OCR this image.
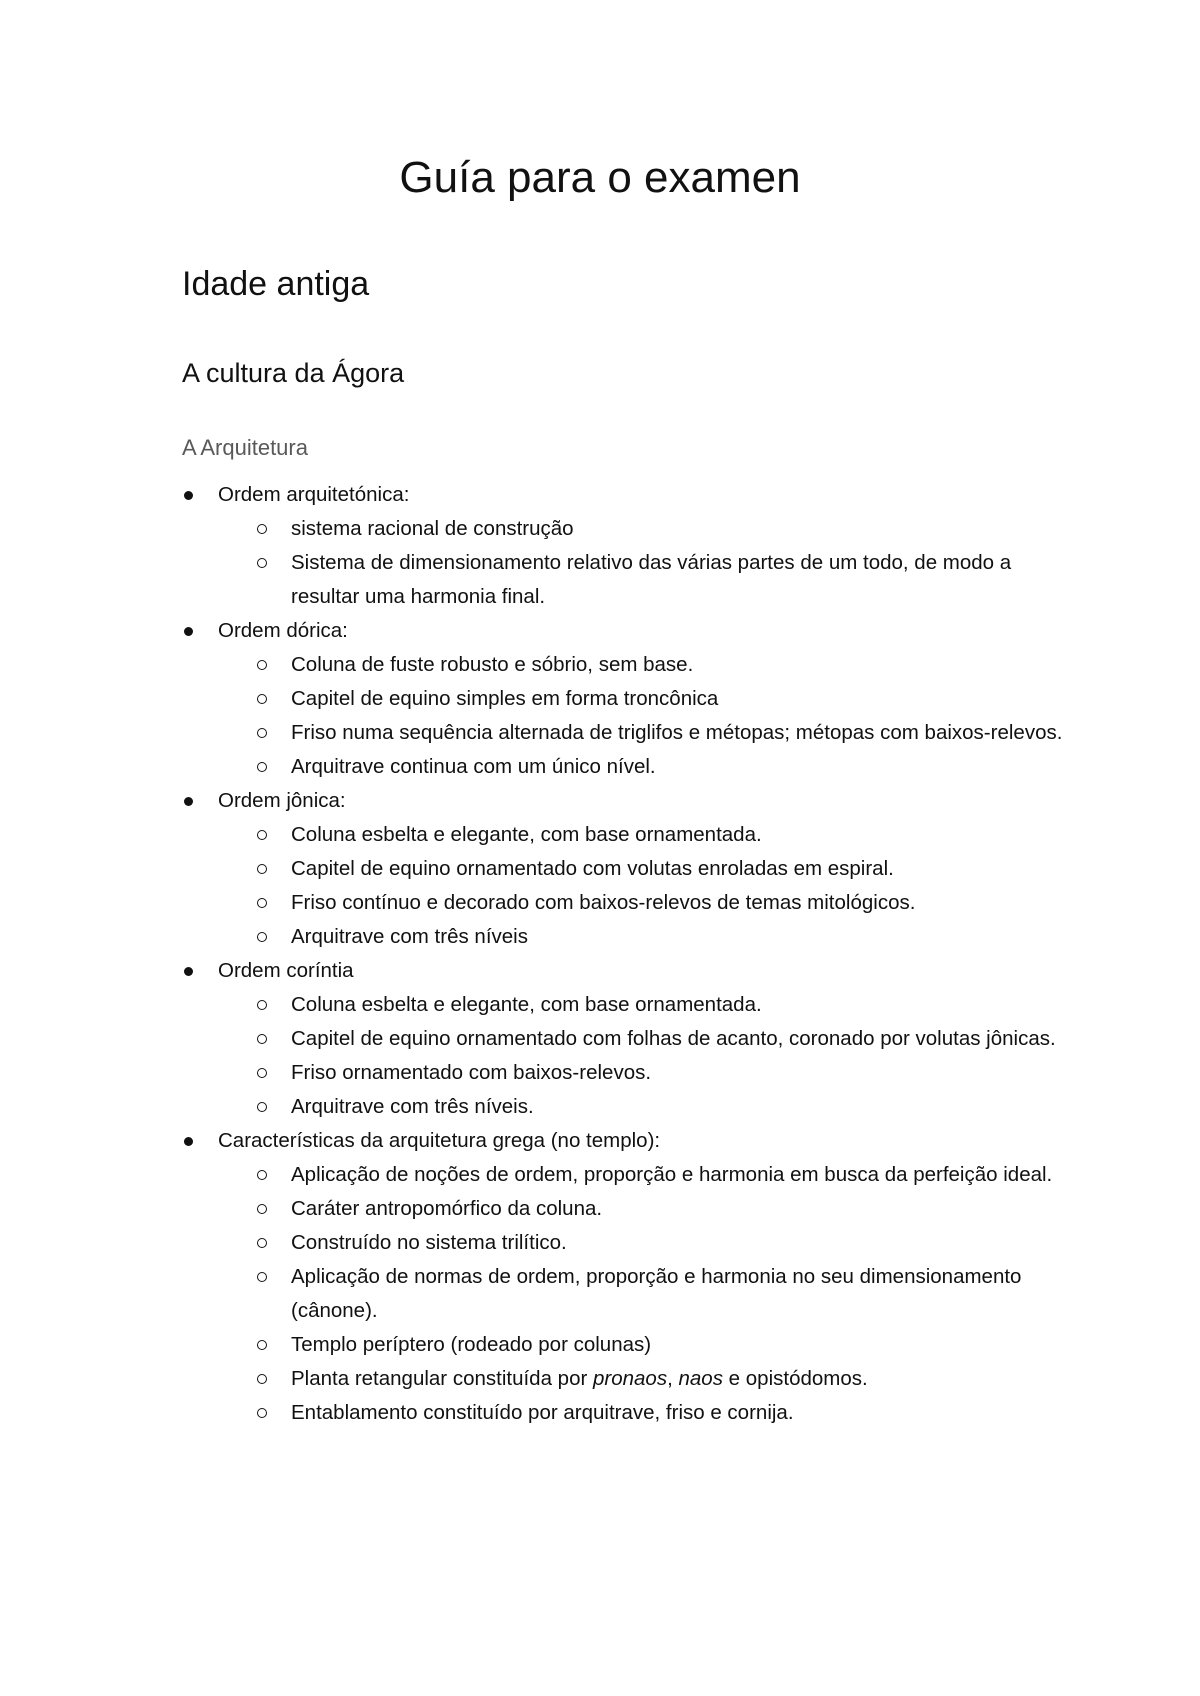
Guía para o examen
Idade antiga
A cultura da Ágora
A Arquitetura
Ordem arquitetónica:
sistema racional de construção
Sistema de dimensionamento relativo das várias partes de um todo, de modo a resultar uma harmonia final.
Ordem dórica:
Coluna de fuste robusto e sóbrio, sem base.
Capitel de equino simples em forma troncônica
Friso numa sequência alternada de triglifos e métopas; métopas com baixos-relevos.
Arquitrave continua com um único nível.
Ordem jônica:
Coluna esbelta e elegante, com base ornamentada.
Capitel de equino ornamentado com volutas enroladas em espiral.
Friso contínuo e decorado com baixos-relevos de temas mitológicos.
Arquitrave com três níveis
Ordem coríntia
Coluna esbelta e elegante, com base ornamentada.
Capitel de equino ornamentado com folhas de acanto, coronado por volutas jônicas.
Friso ornamentado com baixos-relevos.
Arquitrave com três níveis.
Características da arquitetura grega (no templo):
Aplicação de noções de ordem, proporção e harmonia em busca da perfeição ideal.
Caráter antropomórfico da coluna.
Construído no sistema trilítico.
Aplicação de normas de ordem, proporção e harmonia no seu dimensionamento (cânone).
Templo períptero (rodeado por colunas)
Planta retangular constituída por pronaos, naos e opistódomos.
Entablamento constituído por arquitrave, friso e cornija.
